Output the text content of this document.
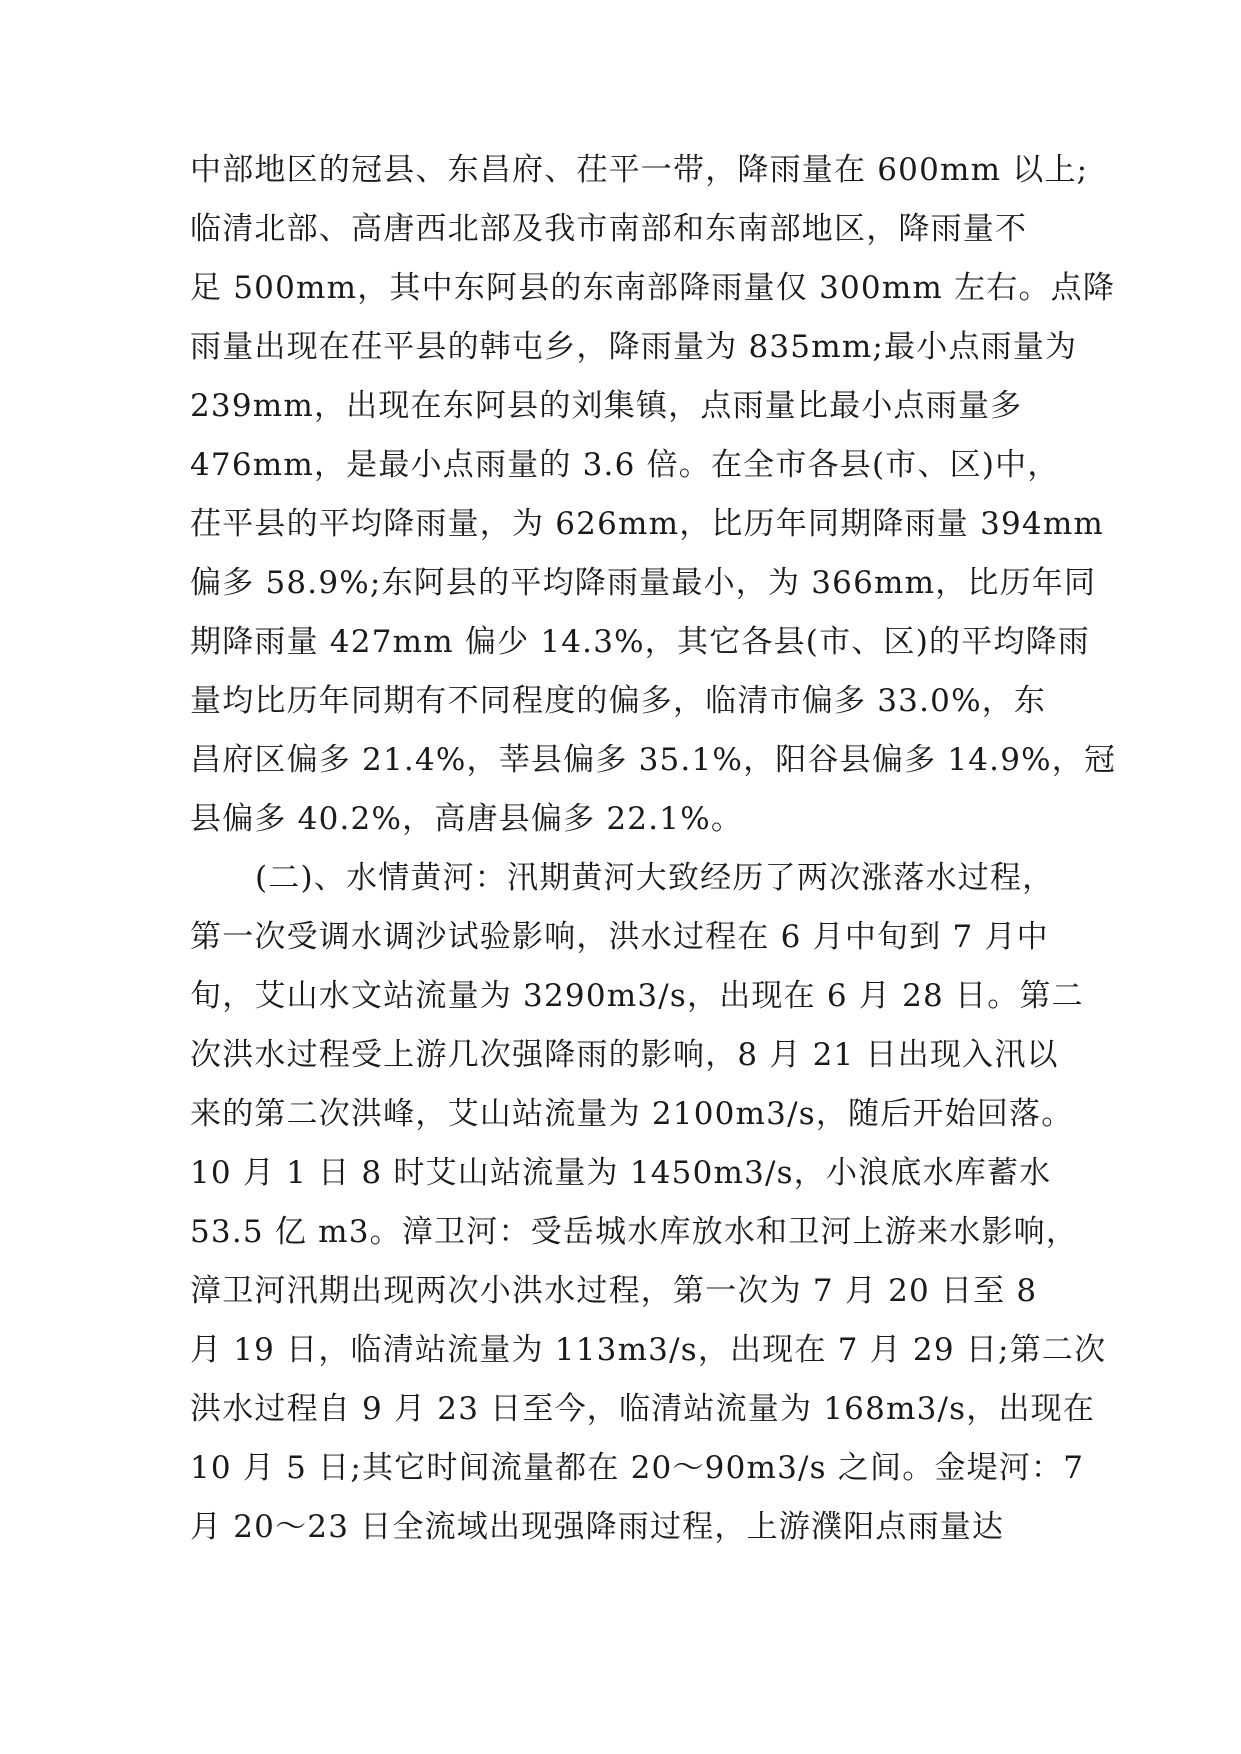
中部地区的冠县、东昌府、茌平一带，降雨量在 600mm 以上;
临清北部、高唐西北部及我市南部和东南部地区，降雨量不
足 500mm，其中东阿县的东南部降雨量仅 300mm 左右。点降
雨量出现在茌平县的韩屯乡，降雨量为 835mm;最小点雨量为
239mm，出现在东阿县的刘集镇，点雨量比最小点雨量多
476mm，是最小点雨量的 3.6 倍。在全市各县(市、区)中，
茌平县的平均降雨量，为 626mm，比历年同期降雨量 394mm
偏多 58.9%;东阿县的平均降雨量最小，为 366mm，比历年同
期降雨量 427mm 偏少 14.3%，其它各县(市、区)的平均降雨
量均比历年同期有不同程度的偏多，临清市偏多 33.0%，东
昌府区偏多 21.4%，莘县偏多 35.1%，阳谷县偏多 14.9%，冠
县偏多 40.2%，高唐县偏多 22.1%。
(二)、水情黄河：汛期黄河大致经历了两次涨落水过程，
第一次受调水调沙试验影响，洪水过程在 6 月中旬到 7 月中
旬，艾山水文站流量为 3290m3/s，出现在 6 月 28 日。第二
次洪水过程受上游几次强降雨的影响，8 月 21 日出现入汛以
来的第二次洪峰，艾山站流量为 2100m3/s，随后开始回落。
10 月 1 日 8 时艾山站流量为 1450m3/s，小浪底水库蓄水
53.5 亿 m3。漳卫河：受岳城水库放水和卫河上游来水影响，
漳卫河汛期出现两次小洪水过程，第一次为 7 月 20 日至 8
月 19 日，临清站流量为 113m3/s，出现在 7 月 29 日;第二次
洪水过程自 9 月 23 日至今，临清站流量为 168m3/s，出现在
10 月 5 日;其它时间流量都在 20～90m3/s 之间。金堤河：7
月 20～23 日全流域出现强降雨过程，上游濮阳点雨量达
